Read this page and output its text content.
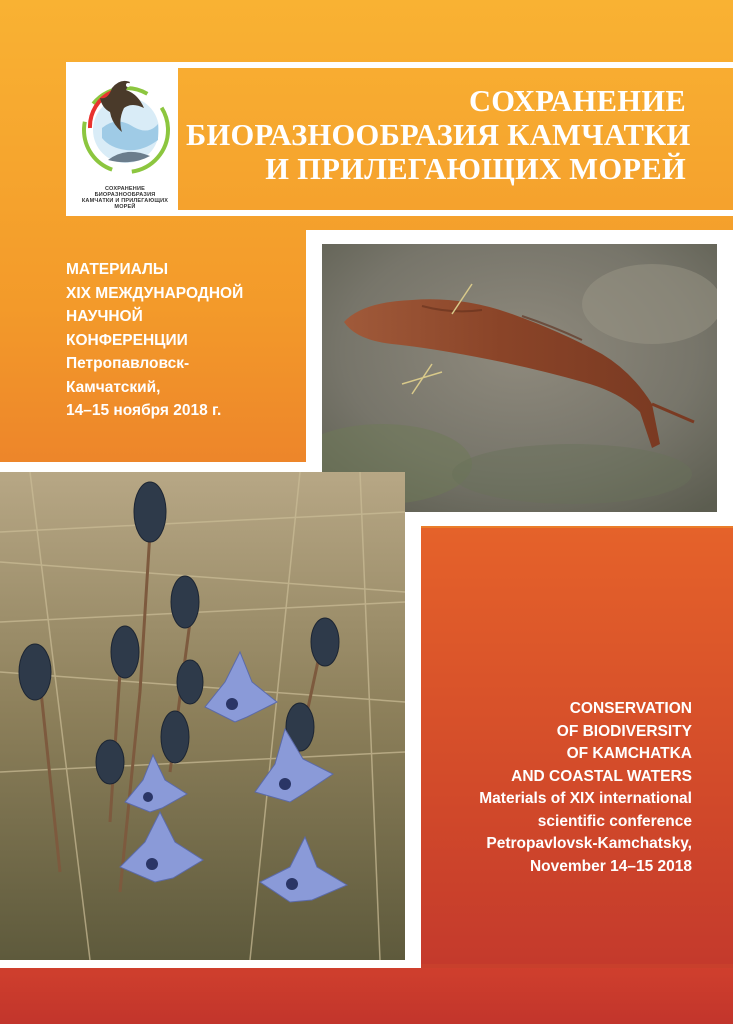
СОХРАНЕНИЕ БИОРАЗНООБРАЗИЯ
КАМЧАТКИ И ПРИЛЕГАЮЩИХ МОРЕЙ
СОХРАНЕНИЕ
БИОРАЗНООБРАЗИЯ КАМЧАТКИ
И ПРИЛЕГАЮЩИХ МОРЕЙ
МАТЕРИАЛЫ
XIX МЕЖДУНАРОДНОЙ
НАУЧНОЙ
КОНФЕРЕНЦИИ
Петропавловск-
Камчатский,
14–15 ноября 2018 г.
CONSERVATION
OF BIODIVERSITY
OF KAMCHATKA
AND COASTAL WATERS
Materials of XIX international
scientific conference
Petropavlovsk-Kamchatsky,
November 14–15 2018
